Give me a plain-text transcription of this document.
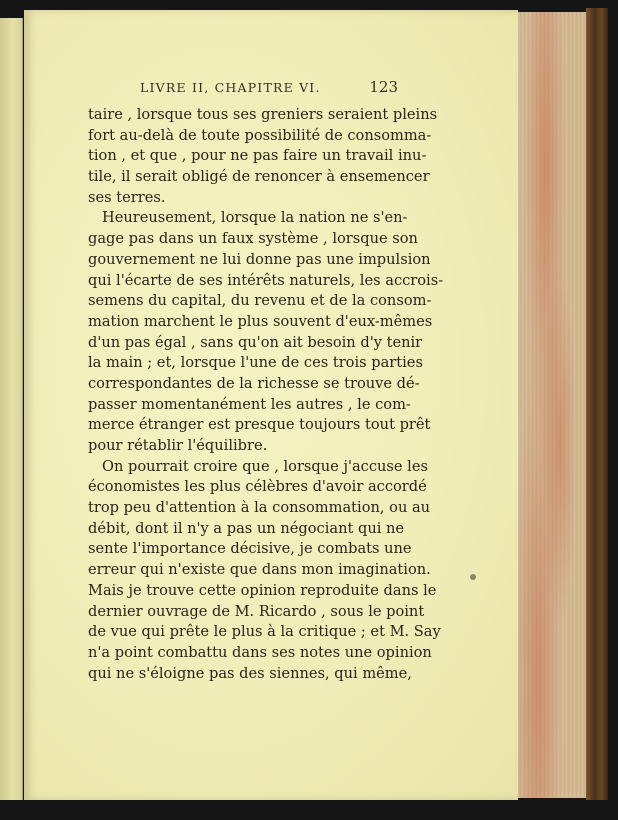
LIVRE II, CHAPITRE VI.	123
taire , lorsque tous ses greniers seraient pleins
fort au-delà de toute possibilité de consomma-
tion , et que , pour ne pas faire un travail inu-
tile, il serait obligé de renoncer à ensemencer
ses terres.
Heureusement, lorsque la nation ne s'en-
gage pas dans un faux système , lorsque son
gouvernement ne lui donne pas une impulsion
qui l'écarte de ses intérêts naturels, les accrois-
semens du capital, du revenu et de la consom-
mation marchent le plus souvent d'eux-mêmes
d'un pas égal , sans qu'on ait besoin d'y tenir
la main ; et, lorsque l'une de ces trois parties
correspondantes de la richesse se trouve dé-
passer momentanément les autres , le com-
merce étranger est presque toujours tout prêt
pour rétablir l'équilibre.
On pourrait croire que , lorsque j'accuse les
économistes les plus célèbres d'avoir accordé
trop peu d'attention à la consommation, ou au
débit, dont il n'y a pas un négociant qui ne
sente l'importance décisive, je combats une
erreur qui n'existe que dans mon imagination.
Mais je trouve cette opinion reproduite dans le
dernier ouvrage de M. Ricardo , sous le point
de vue qui prête le plus à la critique ; et M. Say
n'a point combattu dans ses notes une opinion
qui ne s'éloigne pas des siennes, qui même,
